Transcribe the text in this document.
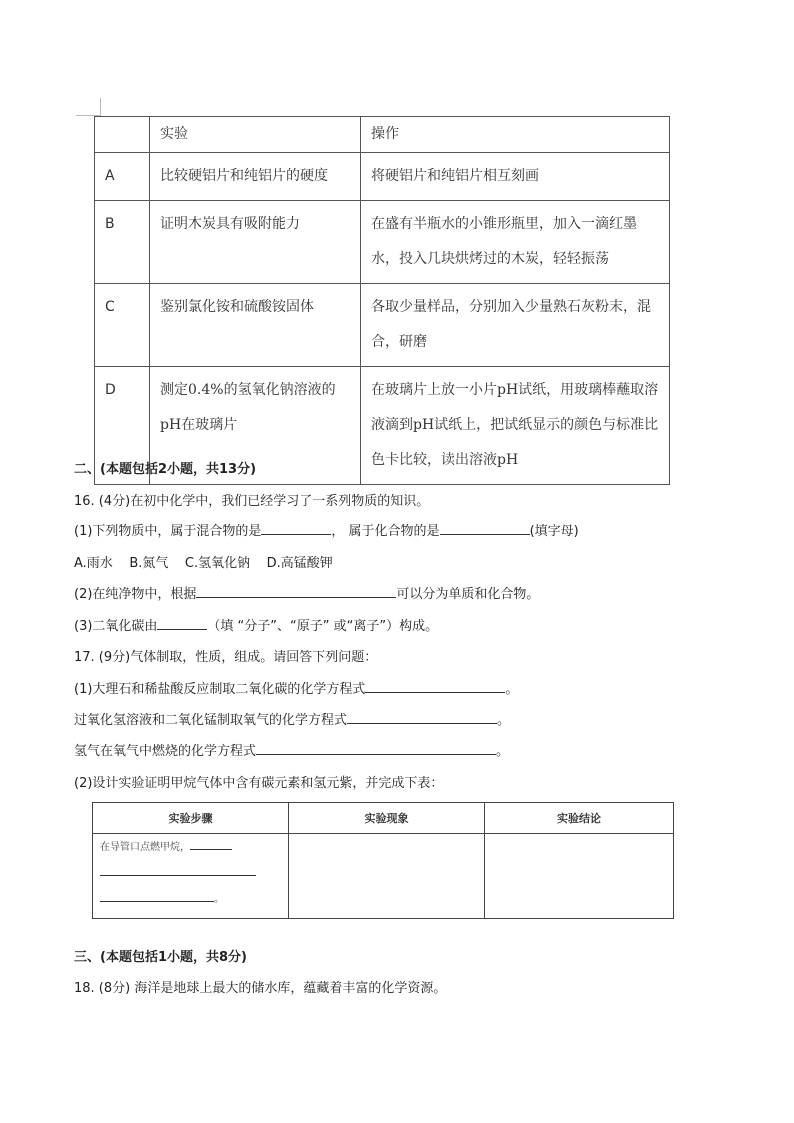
	实验	操作
A	比较硬铝片和纯铝片的硬度	将硬铝片和纯铝片相互刻画
B	证明木炭具有吸附能力	在盛有半瓶水的小锥形瓶里，加入一滴红墨水，投入几块烘烤过的木炭，轻轻振荡
C	鉴别氯化铵和硫酸铵固体	各取少量样品，分别加入少量熟石灰粉末，混合，研磨
D	测定0.4%的氢氧化钠溶液的pH在玻璃片	在玻璃片上放一小片pH试纸，用玻璃棒蘸取溶液滴到pH试纸上，把试纸显示的颜色与标准比色卡比较，读出溶液pH
二、(本题包括2小题，共13分)
16. (4分)在初中化学中，我们已经学习了一系列物质的知识。
(1)下列物质中，属于混合物的是	， 属于化合物的是	(填字母)
A.雨水    B.氮气    C.氢氧化钠    D.高锰酸钾
(2)在纯净物中，根据	可以分为单质和化合物。
(3)二氧化碳由	（填 “分子”、“原子” 或“离子”）构成。
17. (9分)气体制取，性质，组成。请回答下列问题：
(1)大理石和稀盐酸反应制取二氧化碳的化学方程式	。
过氧化氢溶液和二氧化锰制取氧气的化学方程式	。
氢气在氧气中燃烧的化学方程式	。
(2)设计实验证明甲烷气体中含有碳元素和氢元紫，并完成下表：
实验步骤	实验现象	实验结论

在导管口点燃甲烷，
。		

三、(本题包括1小题，共8分)
18. (8分) 海洋是地球上最大的储水库，蕴藏着丰富的化学资源。
